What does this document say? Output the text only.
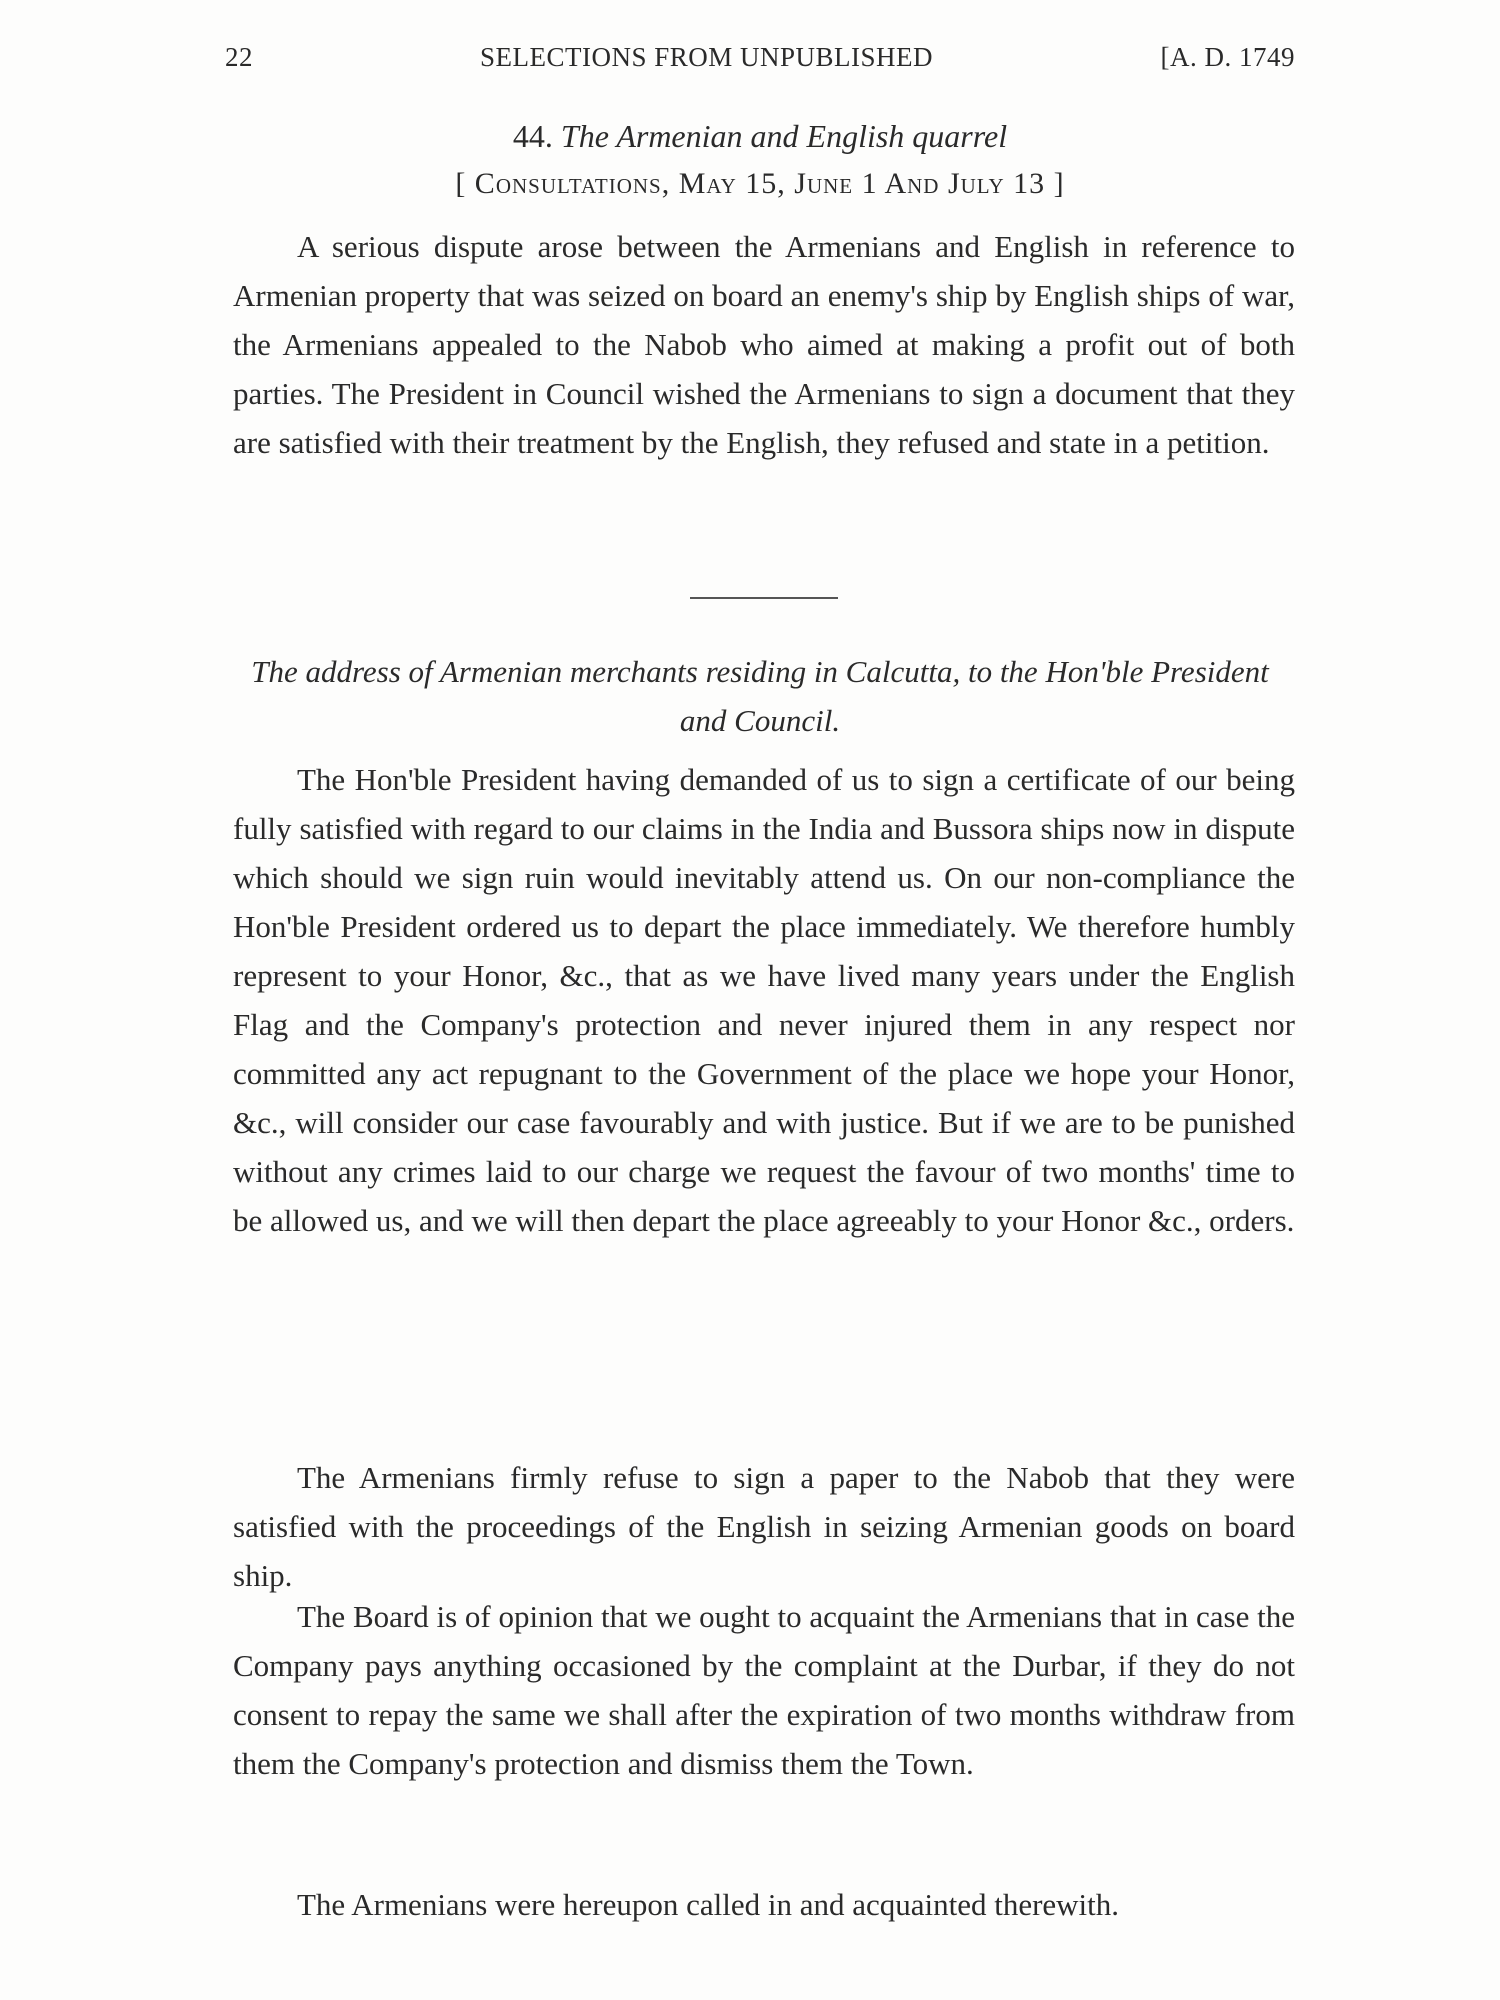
22	SELECTIONS FROM UNPUBLISHED	[A. D. 1749
44. The Armenian and English quarrel
[ Consultations, May 15, June 1 And July 13 ]

A serious dispute arose between the Armenians and English in reference to Armenian property that was seized on board an enemy's ship by English ships of war, the Armenians appealed to the Nabob who aimed at making a profit out of both parties. The President in Council wished the Armenians to sign a document that they are satisfied with their treatment by the English, they refused and state in a petition.

The address of Armenian merchants residing in Calcutta, to the Hon'ble President and Council.

The Hon'ble President having demanded of us to sign a certificate of our being fully satisfied with regard to our claims in the India and Bussora ships now in dispute which should we sign ruin would inevitably attend us. On our non-compliance the Hon'ble President ordered us to depart the place immediately. We therefore humbly represent to your Honor, &c., that as we have lived many years under the English Flag and the Company's protection and never injured them in any respect nor committed any act repugnant to the Government of the place we hope your Honor, &c., will consider our case favourably and with justice. But if we are to be punished without any crimes laid to our charge we request the favour of two months' time to be allowed us, and we will then depart the place agreeably to your Honor &c., orders.

The Armenians firmly refuse to sign a paper to the Nabob that they were satisfied with the proceedings of the English in seizing Armenian goods on board ship.

The Board is of opinion that we ought to acquaint the Armenians that in case the Company pays anything occasioned by the complaint at the Durbar, if they do not consent to repay the same we shall after the expiration of two months withdraw from them the Company's protection and dismiss them the Town.

The Armenians were hereupon called in and acquainted therewith.
